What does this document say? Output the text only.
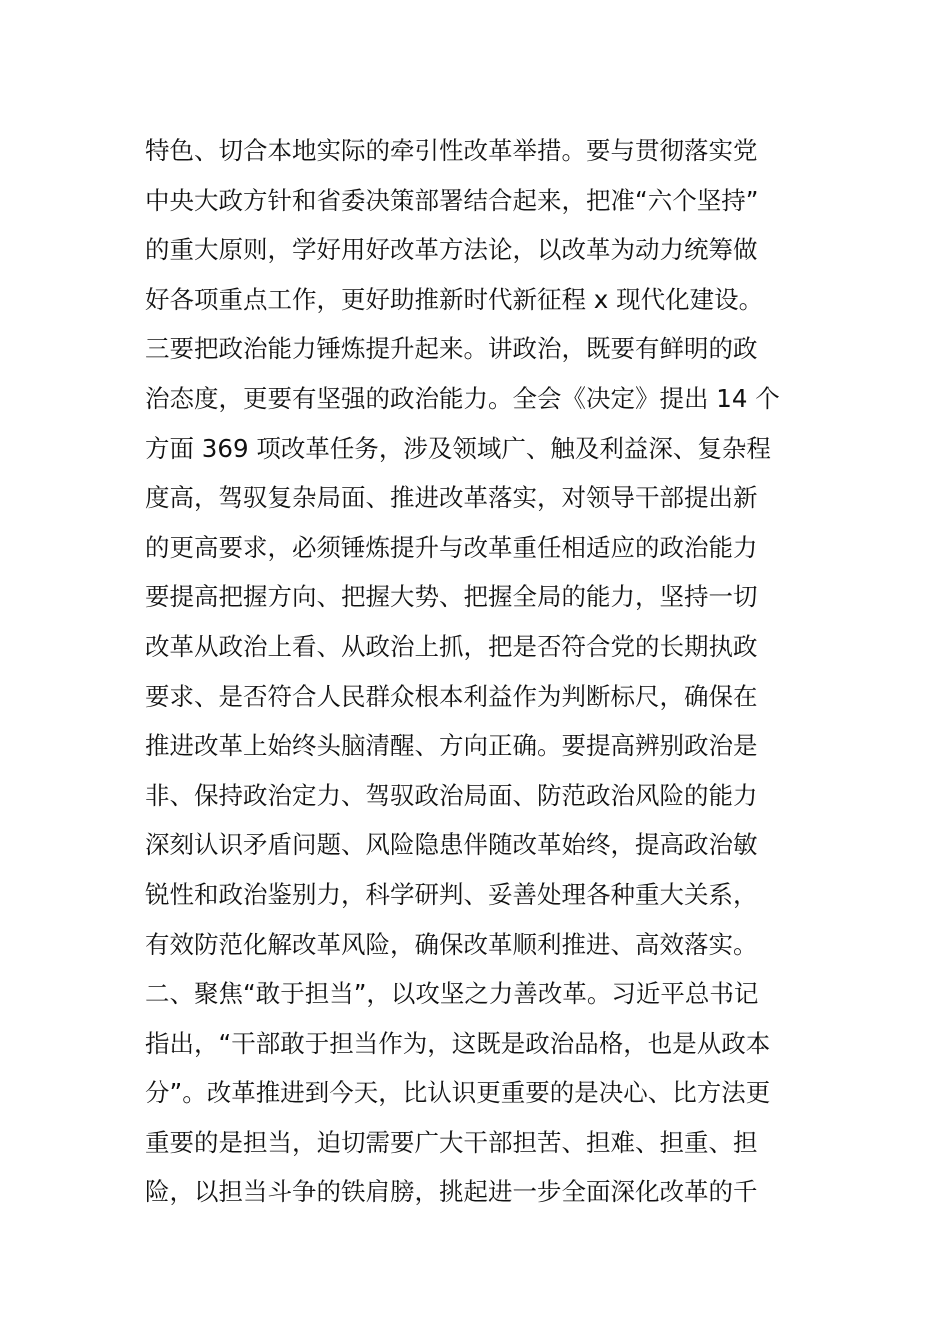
特色、切合本地实际的牵引性改革举措。要与贯彻落实党
中央大政方针和省委决策部署结合起来，把准“六个坚持”
的重大原则，学好用好改革方法论，以改革为动力统筹做
好各项重点工作，更好助推新时代新征程 x 现代化建设。
三要把政治能力锤炼提升起来。讲政治，既要有鲜明的政
治态度，更要有坚强的政治能力。全会《决定》提出 14 个
方面 369 项改革任务，涉及领域广、触及利益深、复杂程
度高，驾驭复杂局面、推进改革落实，对领导干部提出新
的更高要求，必须锤炼提升与改革重任相适应的政治能力
要提高把握方向、把握大势、把握全局的能力，坚持一切
改革从政治上看、从政治上抓，把是否符合党的长期执政
要求、是否符合人民群众根本利益作为判断标尺，确保在
推进改革上始终头脑清醒、方向正确。要提高辨别政治是
非、保持政治定力、驾驭政治局面、防范政治风险的能力
深刻认识矛盾问题、风险隐患伴随改革始终，提高政治敏
锐性和政治鉴别力，科学研判、妥善处理各种重大关系，
有效防范化解改革风险，确保改革顺利推进、高效落实。
二、聚焦“敢于担当”，以攻坚之力善改革。习近平总书记
指出，“干部敢于担当作为，这既是政治品格，也是从政本
分”。改革推进到今天，比认识更重要的是决心、比方法更
重要的是担当，迫切需要广大干部担苦、担难、担重、担
险，以担当斗争的铁肩膀，挑起进一步全面深化改革的千
